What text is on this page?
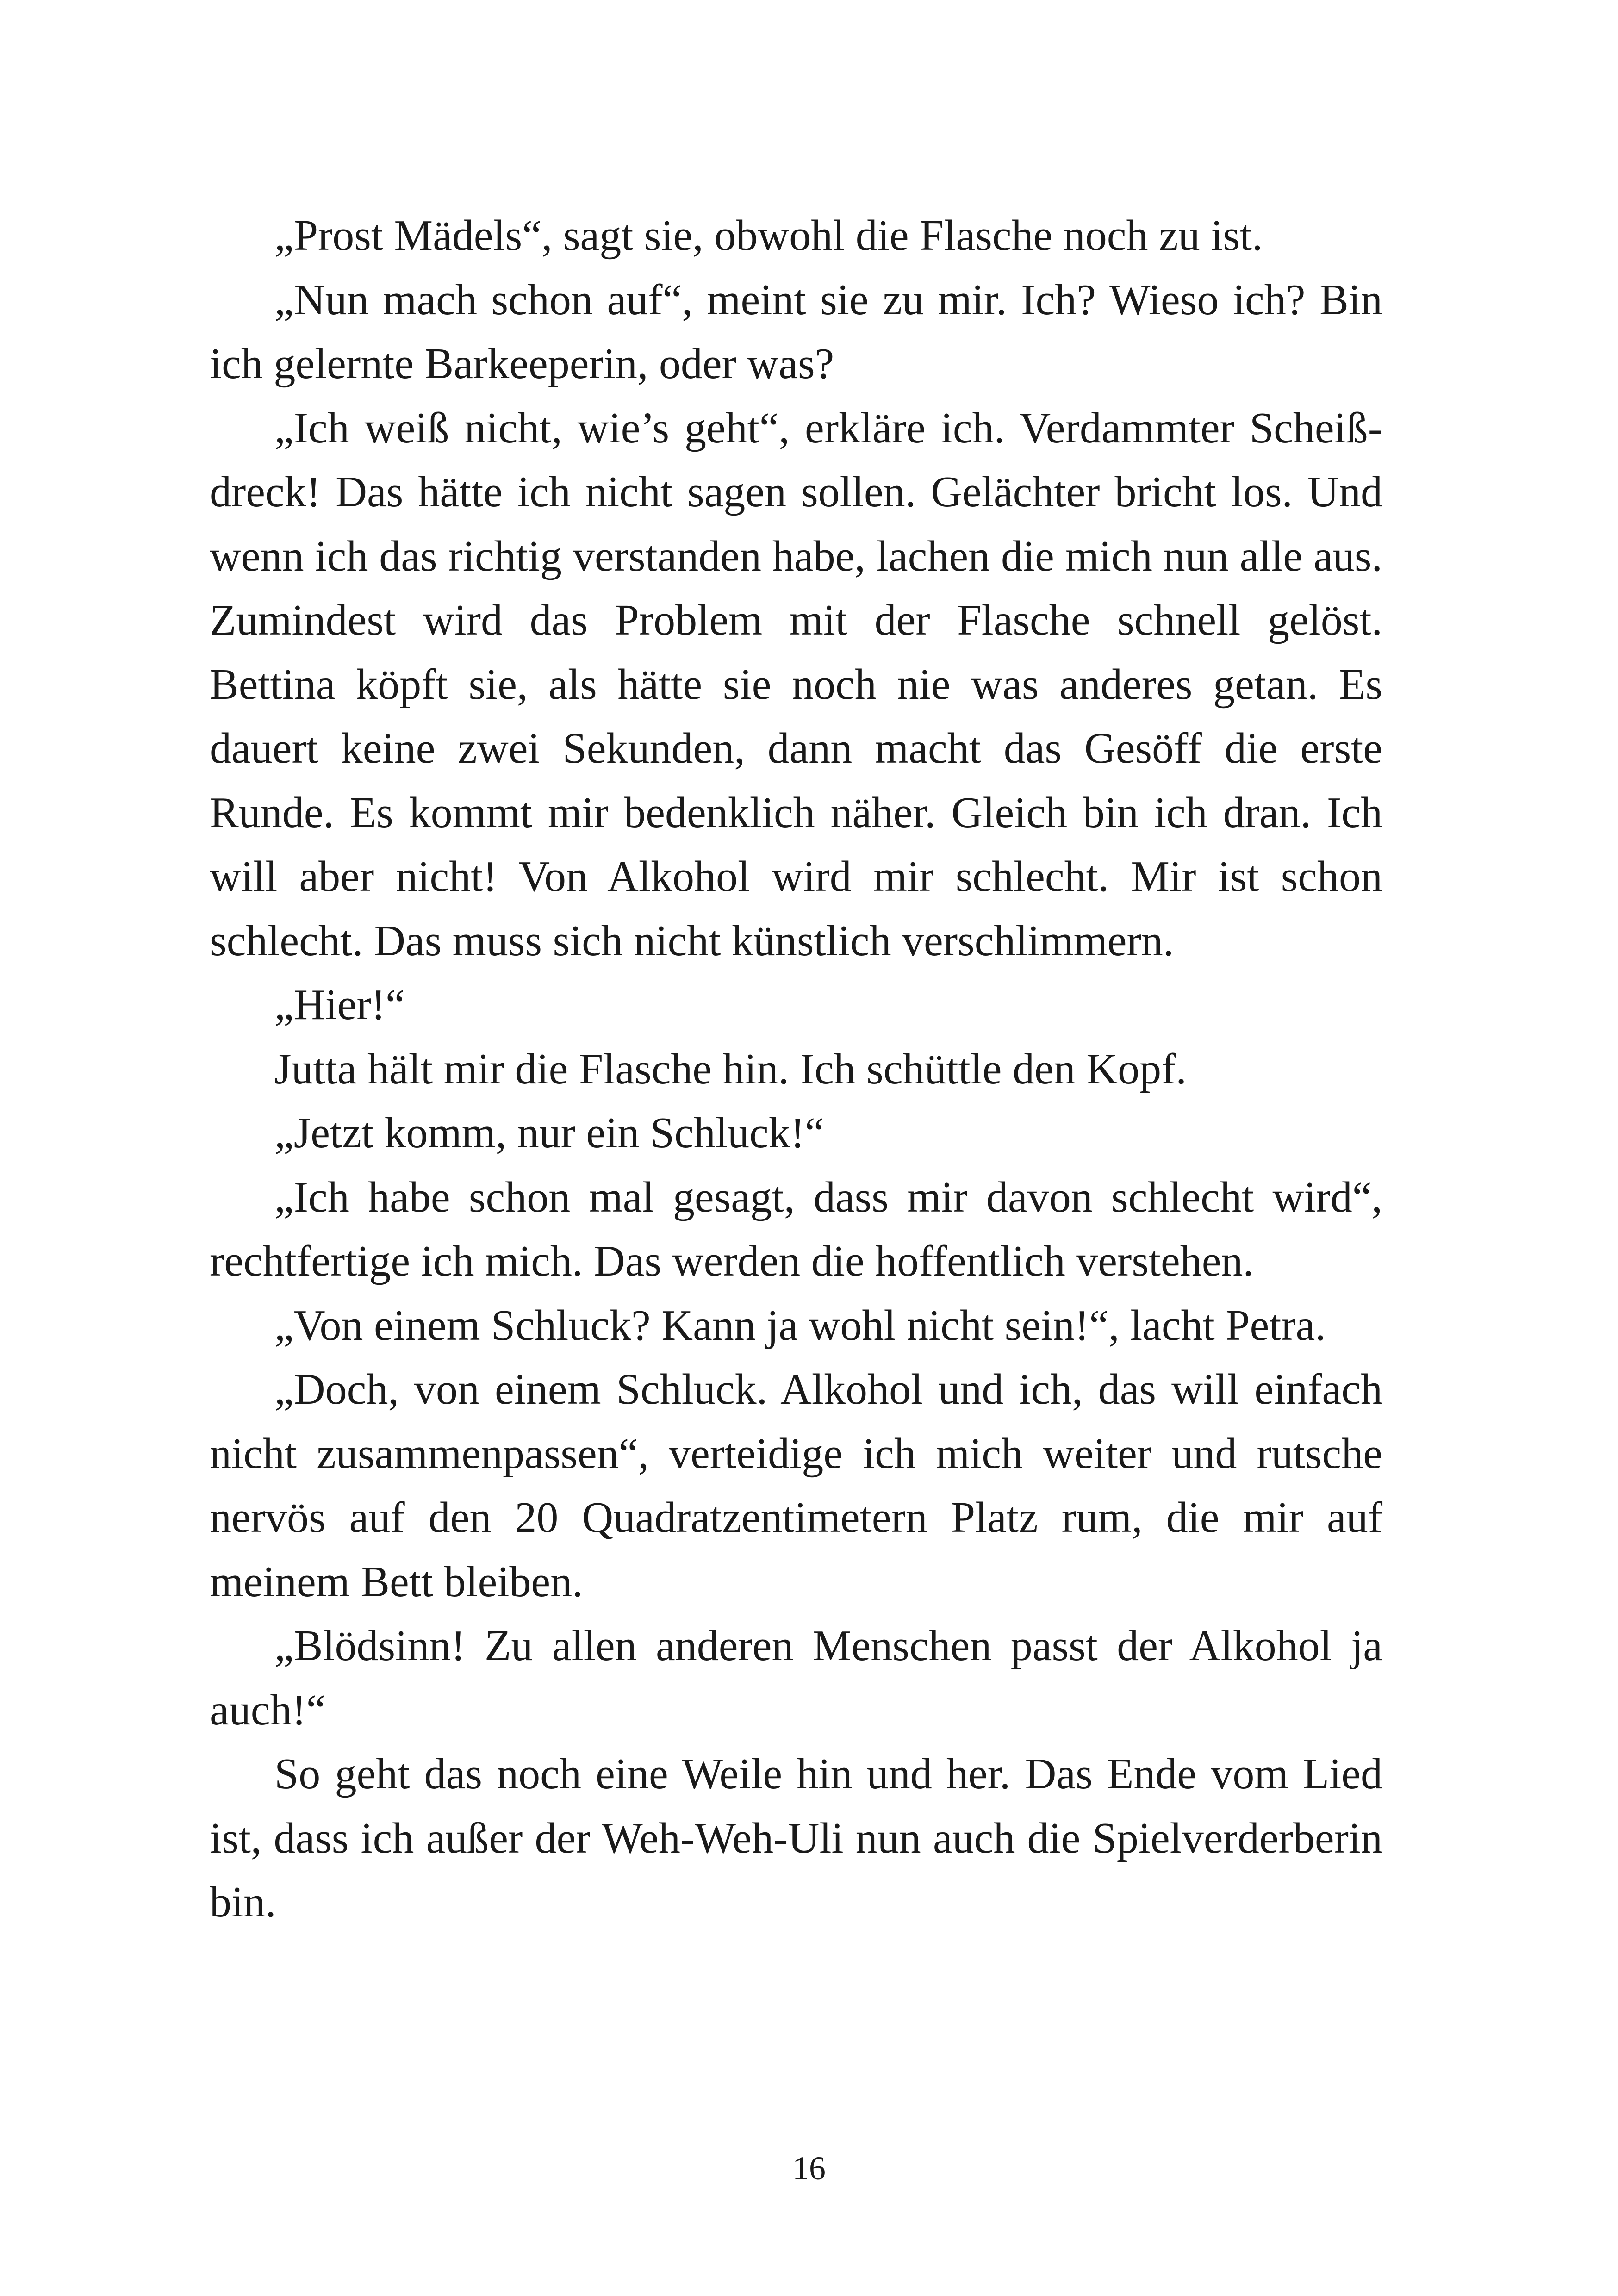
„Prost Mädels“, sagt sie, obwohl die Flasche noch zu ist.

„Nun mach schon auf“, meint sie zu mir. Ich? Wieso ich? Bin ich gelernte Barkeeperin, oder was?

„Ich weiß nicht, wie’s geht“, erkläre ich. Verdammter Scheißdreck! Das hätte ich nicht sagen sollen. Gelächter bricht los. Und wenn ich das richtig verstanden habe, lachen die mich nun alle aus. Zumindest wird das Problem mit der Flasche schnell gelöst. Bettina köpft sie, als hätte sie noch nie was anderes getan. Es dauert keine zwei Sekunden, dann macht das Gesöff die erste Runde. Es kommt mir bedenklich näher. Gleich bin ich dran. Ich will aber nicht! Von Alkohol wird mir schlecht. Mir ist schon schlecht. Das muss sich nicht künstlich verschlimmern.

„Hier!“

Jutta hält mir die Flasche hin. Ich schüttle den Kopf.

„Jetzt komm, nur ein Schluck!“

„Ich habe schon mal gesagt, dass mir davon schlecht wird“, rechtfertige ich mich. Das werden die hoffentlich verstehen.

„Von einem Schluck? Kann ja wohl nicht sein!“, lacht Petra.

„Doch, von einem Schluck. Alkohol und ich, das will einfach nicht zusammenpassen“, verteidige ich mich weiter und rutsche nervös auf den 20 Quadratzentimetern Platz rum, die mir auf meinem Bett bleiben.

„Blödsinn! Zu allen anderen Menschen passt der Alkohol ja auch!“

So geht das noch eine Weile hin und her. Das Ende vom Lied ist, dass ich außer der Weh-Weh-Uli nun auch die Spielverderberin bin.

16
